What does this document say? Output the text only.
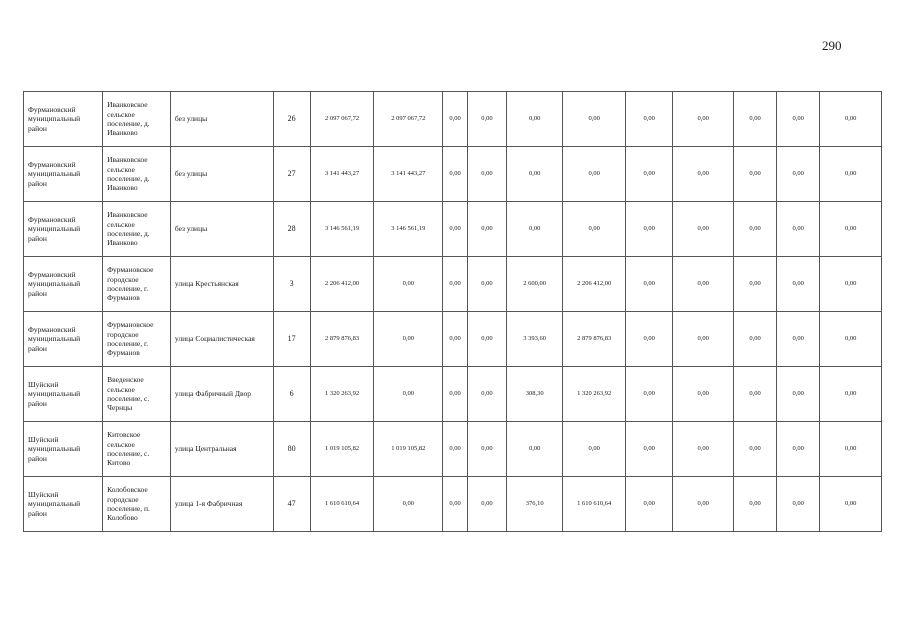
290
Фурмановский муниципальный район	Иванковское сельское поселение, д. Иванково	без улицы	26	2 097 067,72	2 097 067,72	0,00	0,00	0,00	0,00	0,00	0,00	0,00	0,00	0,00
Фурмановский муниципальный район	Иванковское сельское поселение, д. Иванково	без улицы	27	3 141 443,27	3 141 443,27	0,00	0,00	0,00	0,00	0,00	0,00	0,00	0,00	0,00
Фурмановский муниципальный район	Иванковское сельское поселение, д. Иванково	без улицы	28	3 146 561,19	3 146 561,19	0,00	0,00	0,00	0,00	0,00	0,00	0,00	0,00	0,00
Фурмановский муниципальный район	Фурмановское городское поселение, г. Фурманов	улица Крестьянская	3	2 206 412,00	0,00	0,00	0,00	2 600,00	2 206 412,00	0,00	0,00	0,00	0,00	0,00
Фурмановский муниципальный район	Фурмановское городское поселение, г. Фурманов	улица Социалистическая	17	2 879 876,83	0,00	0,00	0,00	3 393,60	2 879 876,83	0,00	0,00	0,00	0,00	0,00
Шуйский муниципальный район	Введенское сельское поселение, с. Чернцы	улица Фабричный Двор	6	1 320 263,92	0,00	0,00	0,00	308,30	1 320 263,92	0,00	0,00	0,00	0,00	0,00
Шуйский муниципальный район	Китовское сельское поселение, с. Китово	улица Центральная	80	1 019 105,82	1 019 105,82	0,00	0,00	0,00	0,00	0,00	0,00	0,00	0,00	0,00
Шуйский муниципальный район	Колобовское городское поселение, п. Колобово	улица 1-я Фабричная	47	1 610 610,64	0,00	0,00	0,00	376,10	1 610 610,64	0,00	0,00	0,00	0,00	0,00
